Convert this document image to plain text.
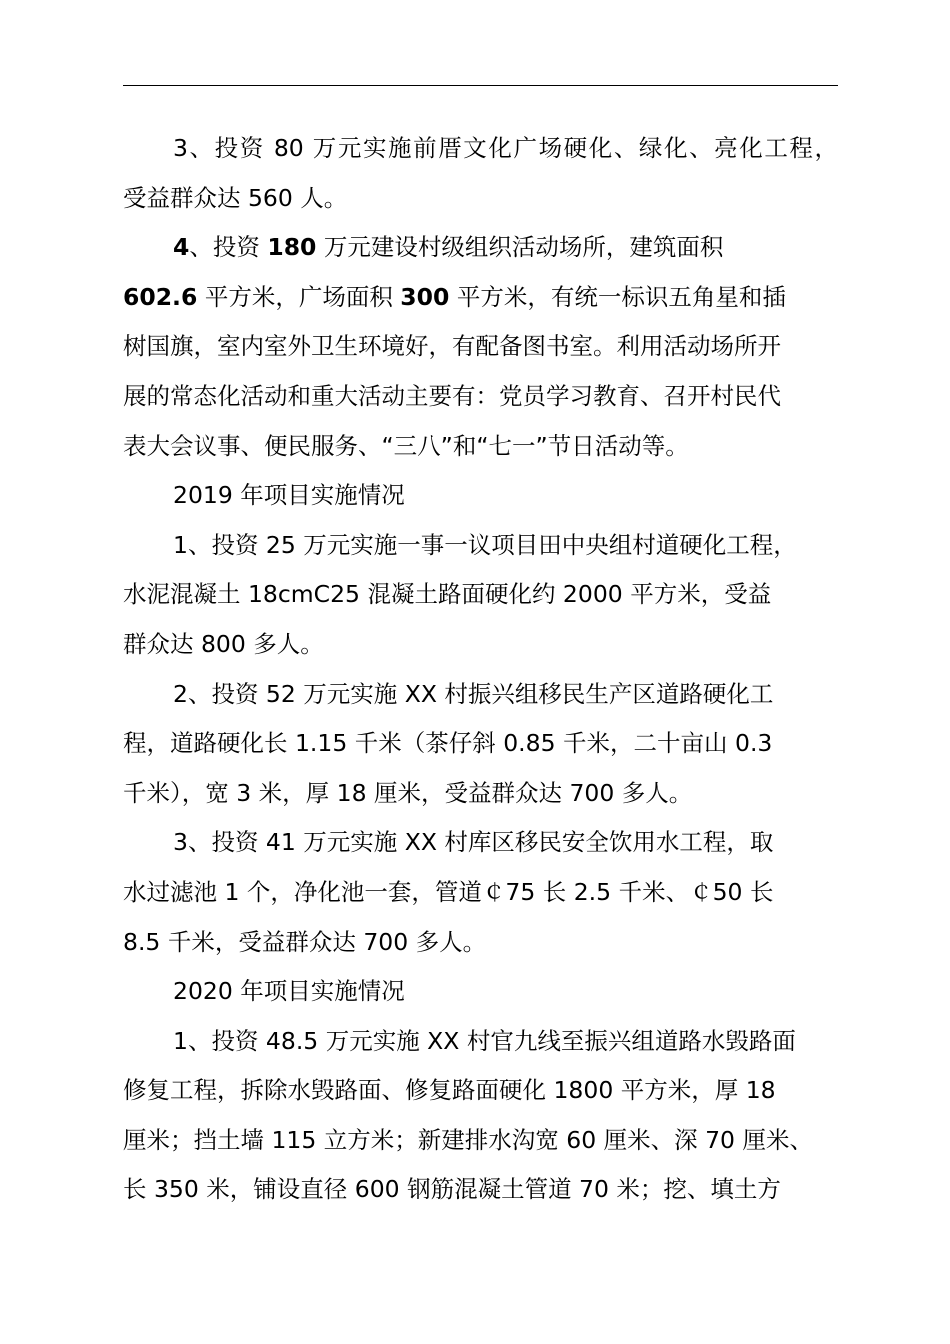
3、投资 80 万元实施前厝文化广场硬化、绿化、亮化工程，
受益群众达 560 人。
4、投资 180 万元建设村级组织活动场所，建筑面积
602.6 平方米，广场面积 300 平方米，有统一标识五角星和插
树国旗，室内室外卫生环境好，有配备图书室。利用活动场所开
展的常态化活动和重大活动主要有：党员学习教育、召开村民代
表大会议事、便民服务、“三八”和“七一”节日活动等。
2019 年项目实施情况
1、投资 25 万元实施一事一议项目田中央组村道硬化工程，
水泥混凝土 18cmC25 混凝土路面硬化约 2000 平方米，受益
群众达 800 多人。
2、投资 52 万元实施 XX 村振兴组移民生产区道路硬化工
程，道路硬化长 1.15 千米（茶仔斜 0.85 千米，二十亩山 0.3
千米），宽 3 米，厚 18 厘米，受益群众达 700 多人。
3、投资 41 万元实施 XX 村库区移民安全饮用水工程，取
水过滤池 1 个，净化池一套，管道￠75 长 2.5 千米、￠50 长
8.5 千米，受益群众达 700 多人。
2020 年项目实施情况
1、投资 48.5 万元实施 XX 村官九线至振兴组道路水毁路面
修复工程，拆除水毁路面、修复路面硬化 1800 平方米，厚 18
厘米；挡土墙 115 立方米；新建排水沟宽 60 厘米、深 70 厘米、
长 350 米，铺设直径 600 钢筋混凝土管道 70 米；挖、填土方
